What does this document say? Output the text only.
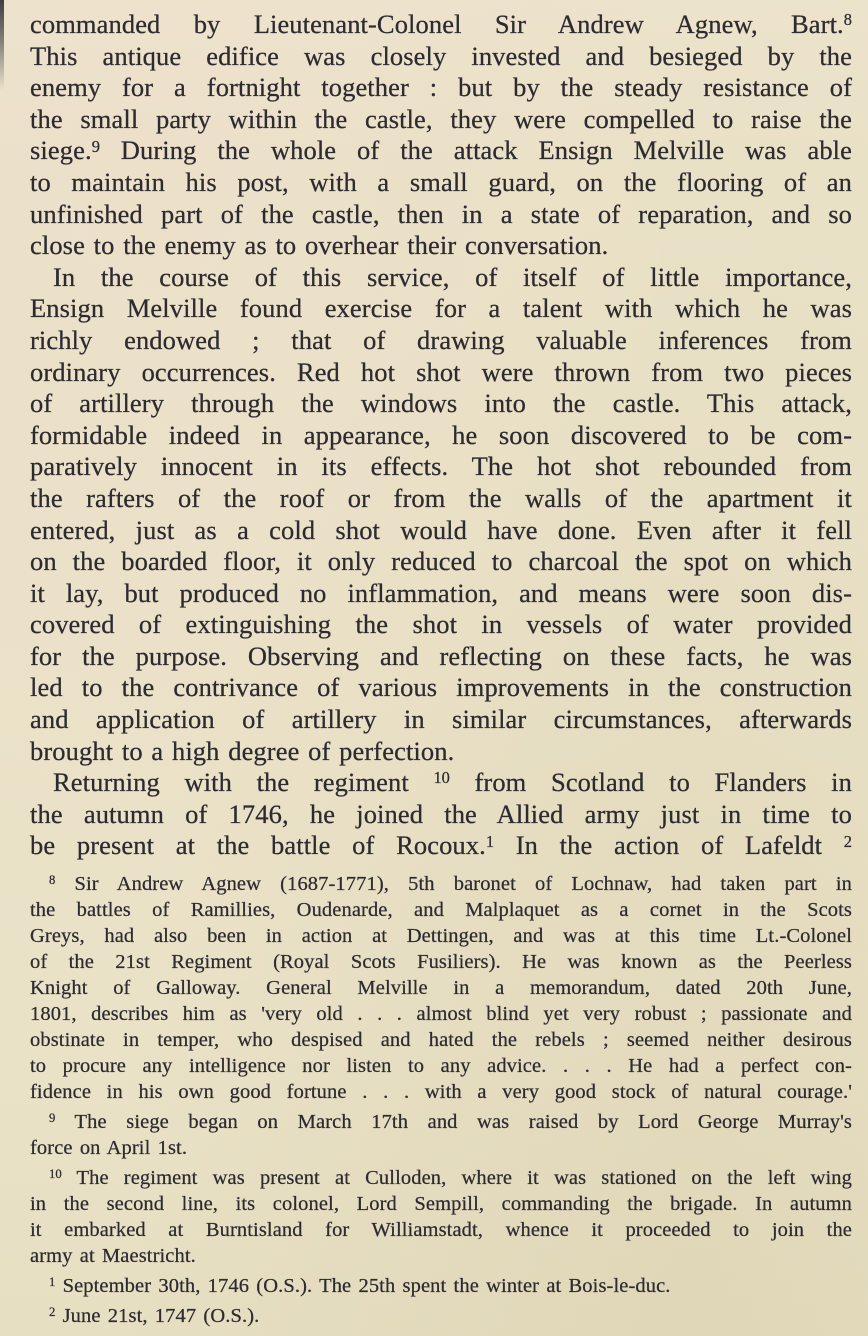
commanded by Lieutenant-Colonel Sir Andrew Agnew, Bart.$^8$
This antique edifice was closely invested and besieged by the
enemy for a fortnight together : but by the steady resistance of
the small party within the castle, they were compelled to raise the
siege.$^9$ During the whole of the attack Ensign Melville was able
to maintain his post, with a small guard, on the flooring of an
unfinished part of the castle, then in a state of reparation, and so
close to the enemy as to overhear their conversation.
In the course of this service, of itself of little importance,
Ensign Melville found exercise for a talent with which he was
richly endowed ; that of drawing valuable inferences from
ordinary occurrences. Red hot shot were thrown from two pieces
of artillery through the windows into the castle. This attack,
formidable indeed in appearance, he soon discovered to be com-
paratively innocent in its effects. The hot shot rebounded from
the rafters of the roof or from the walls of the apartment it
entered, just as a cold shot would have done. Even after it fell
on the boarded floor, it only reduced to charcoal the spot on which
it lay, but produced no inflammation, and means were soon dis-
covered of extinguishing the shot in vessels of water provided
for the purpose. Observing and reflecting on these facts, he was
led to the contrivance of various improvements in the construction
and application of artillery in similar circumstances, afterwards
brought to a high degree of perfection.
Returning with the regiment $^{10}$ from Scotland to Flanders in
the autumn of 1746, he joined the Allied army just in time to
be present at the battle of Rocoux.$^1$ In the action of Lafeldt $^2$
$^8$ Sir Andrew Agnew (1687-1771), 5th baronet of Lochnaw, had taken part in
the battles of Ramillies, Oudenarde, and Malplaquet as a cornet in the Scots
Greys, had also been in action at Dettingen, and was at this time Lt.-Colonel
of the 21st Regiment (Royal Scots Fusiliers). He was known as the Peerless
Knight of Galloway. General Melville in a memorandum, dated 20th June,
1801, describes him as 'very old . . . almost blind yet very robust ; passionate and
obstinate in temper, who despised and hated the rebels ; seemed neither desirous
to procure any intelligence nor listen to any advice. . . . He had a perfect con-
fidence in his own good fortune . . . with a very good stock of natural courage.'
$^9$ The siege began on March 17th and was raised by Lord George Murray's
force on April 1st.
$^{10}$ The regiment was present at Culloden, where it was stationed on the left wing
in the second line, its colonel, Lord Sempill, commanding the brigade. In autumn
it embarked at Burntisland for Williamstadt, whence it proceeded to join the
army at Maestricht.
$^1$ September 30th, 1746 (O.S.). The 25th spent the winter at Bois-le-duc.
$^2$ June 21st, 1747 (O.S.).
